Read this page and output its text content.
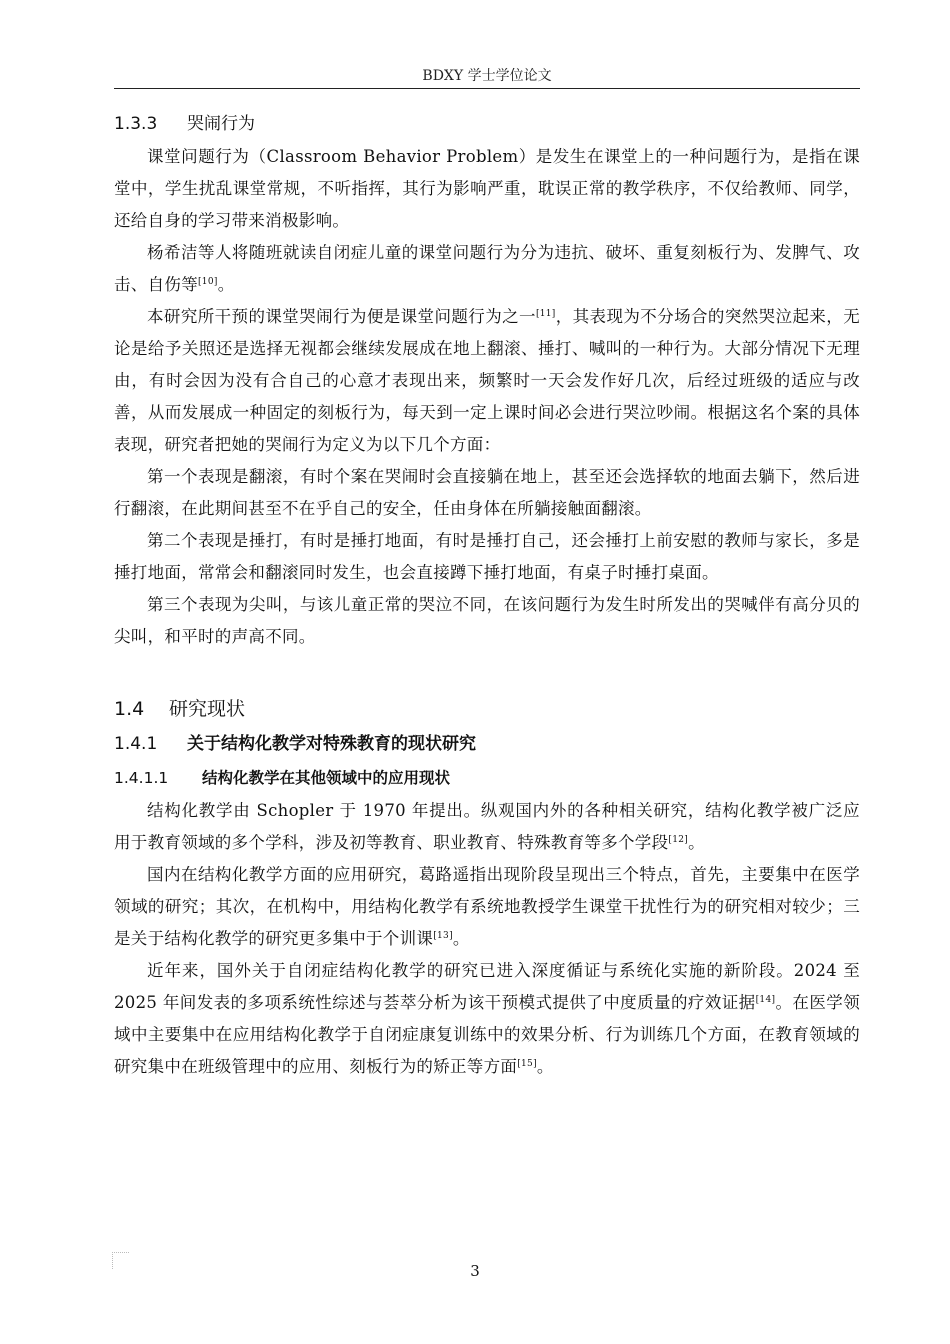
BDXY 学士学位论文
1.3.3 哭闹行为

课堂问题行为（Classroom Behavior Problem）是发生在课堂上的一种问题行为，是指在课堂中，学生扰乱课堂常规，不听指挥，其行为影响严重，耽误正常的教学秩序，不仅给教师、同学，还给自身的学习带来消极影响。

杨希洁等人将随班就读自闭症儿童的课堂问题行为分为违抗、破坏、重复刻板行为、发脾气、攻击、自伤等[10]。

本研究所干预的课堂哭闹行为便是课堂问题行为之一[11]，其表现为不分场合的突然哭泣起来，无论是给予关照还是选择无视都会继续发展成在地上翻滚、捶打、喊叫的一种行为。大部分情况下无理由，有时会因为没有合自己的心意才表现出来，频繁时一天会发作好几次，后经过班级的适应与改善，从而发展成一种固定的刻板行为，每天到一定上课时间必会进行哭泣吵闹。根据这名个案的具体表现，研究者把她的哭闹行为定义为以下几个方面：

第一个表现是翻滚，有时个案在哭闹时会直接躺在地上，甚至还会选择软的地面去躺下，然后进行翻滚，在此期间甚至不在乎自己的安全，任由身体在所躺接触面翻滚。

第二个表现是捶打，有时是捶打地面，有时是捶打自己，还会捶打上前安慰的教师与家长，多是捶打地面，常常会和翻滚同时发生，也会直接蹲下捶打地面，有桌子时捶打桌面。

第三个表现为尖叫，与该儿童正常的哭泣不同，在该问题行为发生时所发出的哭喊伴有高分贝的尖叫，和平时的声高不同。

1.4 研究现状
1.4.1 关于结构化教学对特殊教育的现状研究
1.4.1.1 结构化教学在其他领域中的应用现状

结构化教学由 Schopler 于 1970 年提出。纵观国内外的各种相关研究，结构化教学被广泛应用于教育领域的多个学科，涉及初等教育、职业教育、特殊教育等多个学段[12]。

国内在结构化教学方面的应用研究，葛路遥指出现阶段呈现出三个特点，首先，主要集中在医学领域的研究；其次，在机构中，用结构化教学有系统地教授学生课堂干扰性行为的研究相对较少；三是关于结构化教学的研究更多集中于个训课[13]。

近年来，国外关于自闭症结构化教学的研究已进入深度循证与系统化实施的新阶段。2024 至 2025 年间发表的多项系统性综述与荟萃分析为该干预模式提供了中度质量的疗效证据[14]。在医学领域中主要集中在应用结构化教学于自闭症康复训练中的效果分析、行为训练几个方面，在教育领域的研究集中在班级管理中的应用、刻板行为的矫正等方面[15]。

3
